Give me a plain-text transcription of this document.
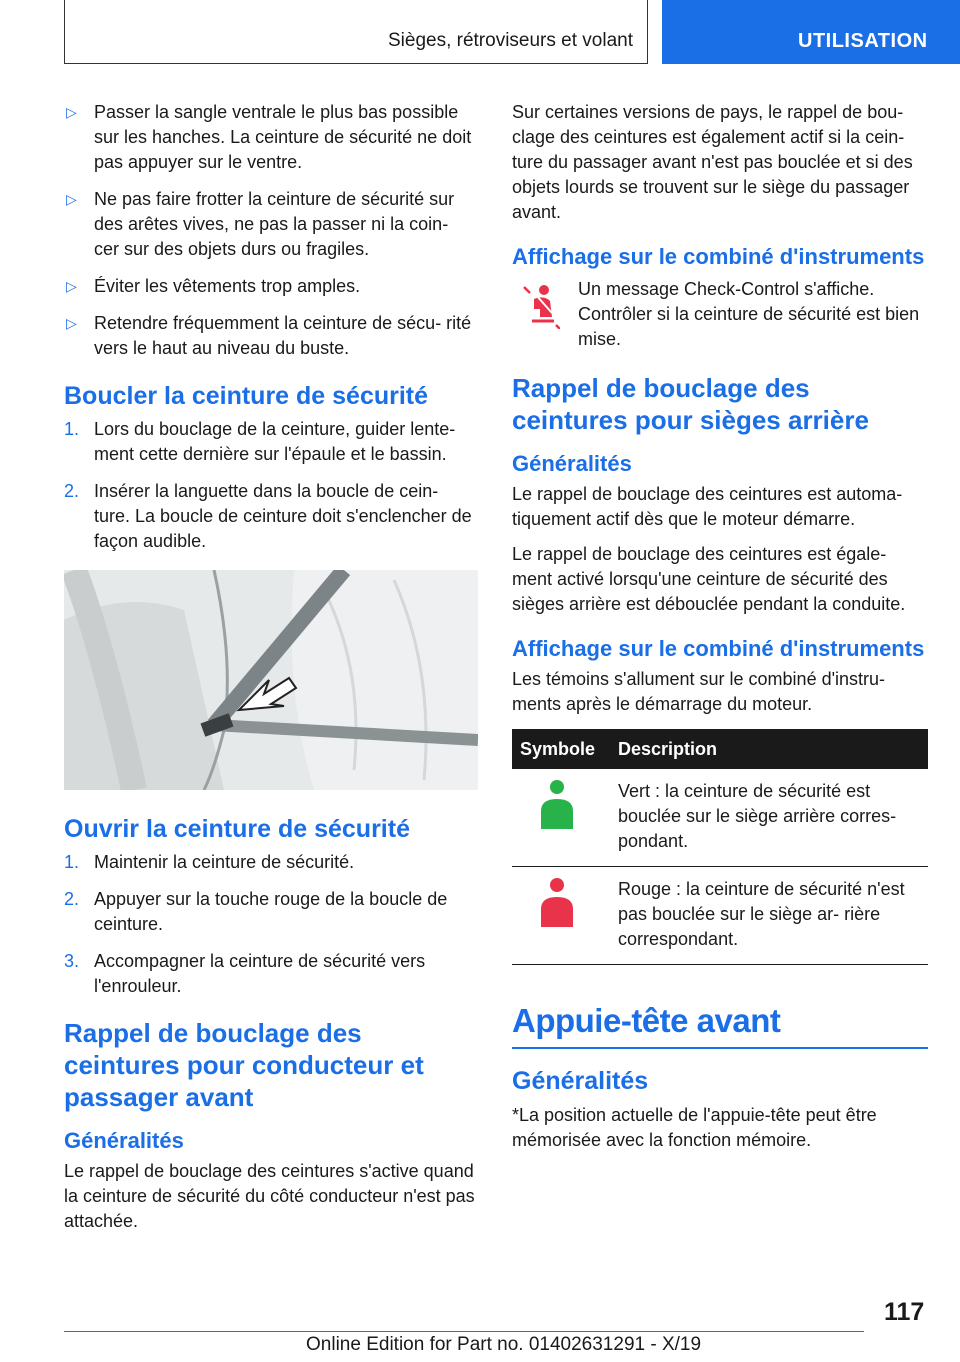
Sièges, rétroviseurs et volant	UTILISATION
▷ Passer la sangle ventrale le plus bas possible sur les hanches. La ceinture de sécurité ne doit pas appuyer sur le ventre.
▷ Ne pas faire frotter la ceinture de sécurité sur des arêtes vives, ne pas la passer ni la coin- cer sur des objets durs ou fragiles.
▷ Éviter les vêtements trop amples.
▷ Retendre fréquemment la ceinture de sécu- rité vers le haut au niveau du buste.
Boucler la ceinture de sécurité
1. Lors du bouclage de la ceinture, guider lente- ment cette dernière sur l'épaule et le bassin.
2. Insérer la languette dans la boucle de cein- ture. La boucle de ceinture doit s'enclencher de façon audible.
Ouvrir la ceinture de sécurité
1. Maintenir la ceinture de sécurité.
2. Appuyer sur la touche rouge de la boucle de ceinture.
3. Accompagner la ceinture de sécurité vers l'enrouleur.
Rappel de bouclage des ceintures pour conducteur et passager avant
Généralités

Le rappel de bouclage des ceintures s'active quand la ceinture de sécurité du côté conducteur n'est pas attachée.

Sur certaines versions de pays, le rappel de bou- clage des ceintures est également actif si la cein- ture du passager avant n'est pas bouclée et si des objets lourds se trouvent sur le siège du passager avant.

Affichage sur le combiné d'instruments
Un message Check-Control s'affiche. Contrôler si la ceinture de sécurité est bien mise.
Rappel de bouclage des ceintures pour sièges arrière
Généralités

Le rappel de bouclage des ceintures est automa- tiquement actif dès que le moteur démarre.

Le rappel de bouclage des ceintures est égale- ment activé lorsqu'une ceinture de sécurité des sièges arrière est débouclée pendant la conduite.

Affichage sur le combiné d'instruments

Les témoins s'allument sur le combiné d'instru- ments après le démarrage du moteur.

Symbole	Description
	Vert : la ceinture de sécurité est bouclée sur le siège arrière corres- pondant.
	Rouge : la ceinture de sécurité n'est pas bouclée sur le siège ar- rière correspondant.
Appuie-tête avant
Généralités

*La position actuelle de l'appuie-tête peut être mémorisée avec la fonction mémoire.

117
Online Edition for Part no. 01402631291 - X/19
